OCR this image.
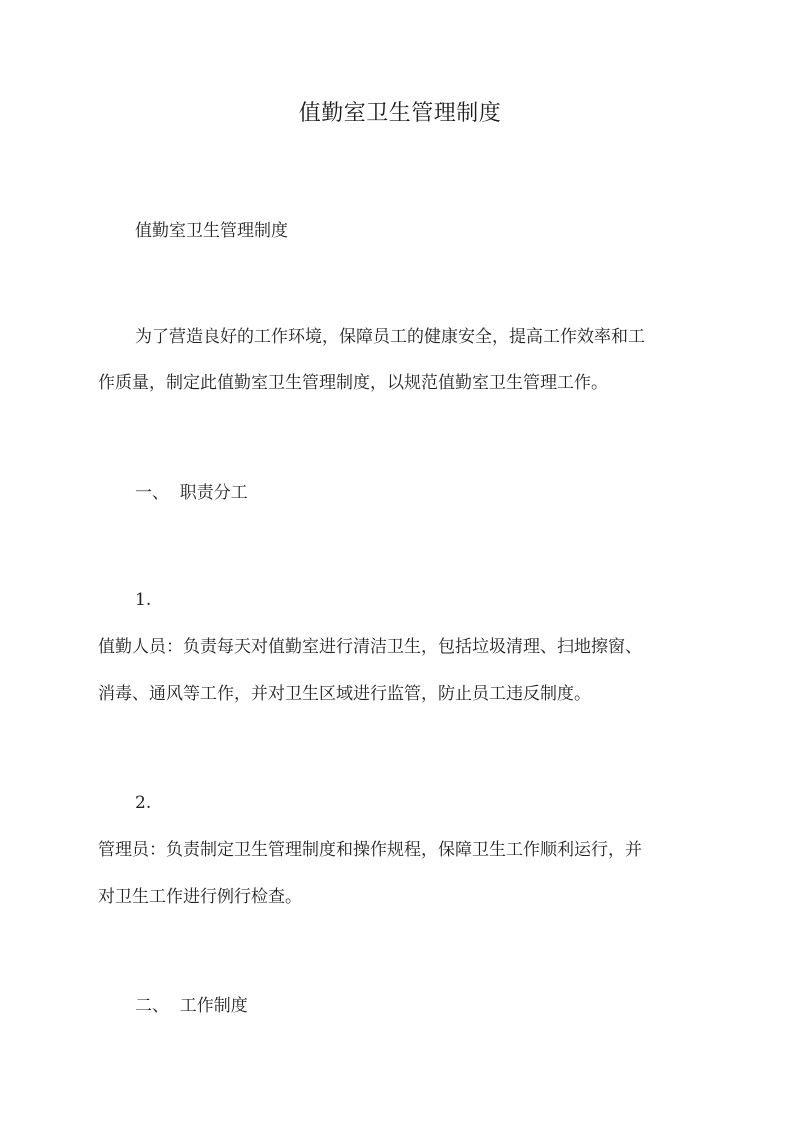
值勤室卫生管理制度
值勤室卫生管理制度
为了营造良好的工作环境，保障员工的健康安全，提高工作效率和工
作质量，制定此值勤室卫生管理制度，以规范值勤室卫生管理工作。
一、  职责分工
1.
值勤人员：负责每天对值勤室进行清洁卫生，包括垃圾清理、扫地擦窗、
消毒、通风等工作，并对卫生区域进行监管，防止员工违反制度。
2.
管理员：负责制定卫生管理制度和操作规程，保障卫生工作顺利运行，并
对卫生工作进行例行检查。
二、  工作制度
